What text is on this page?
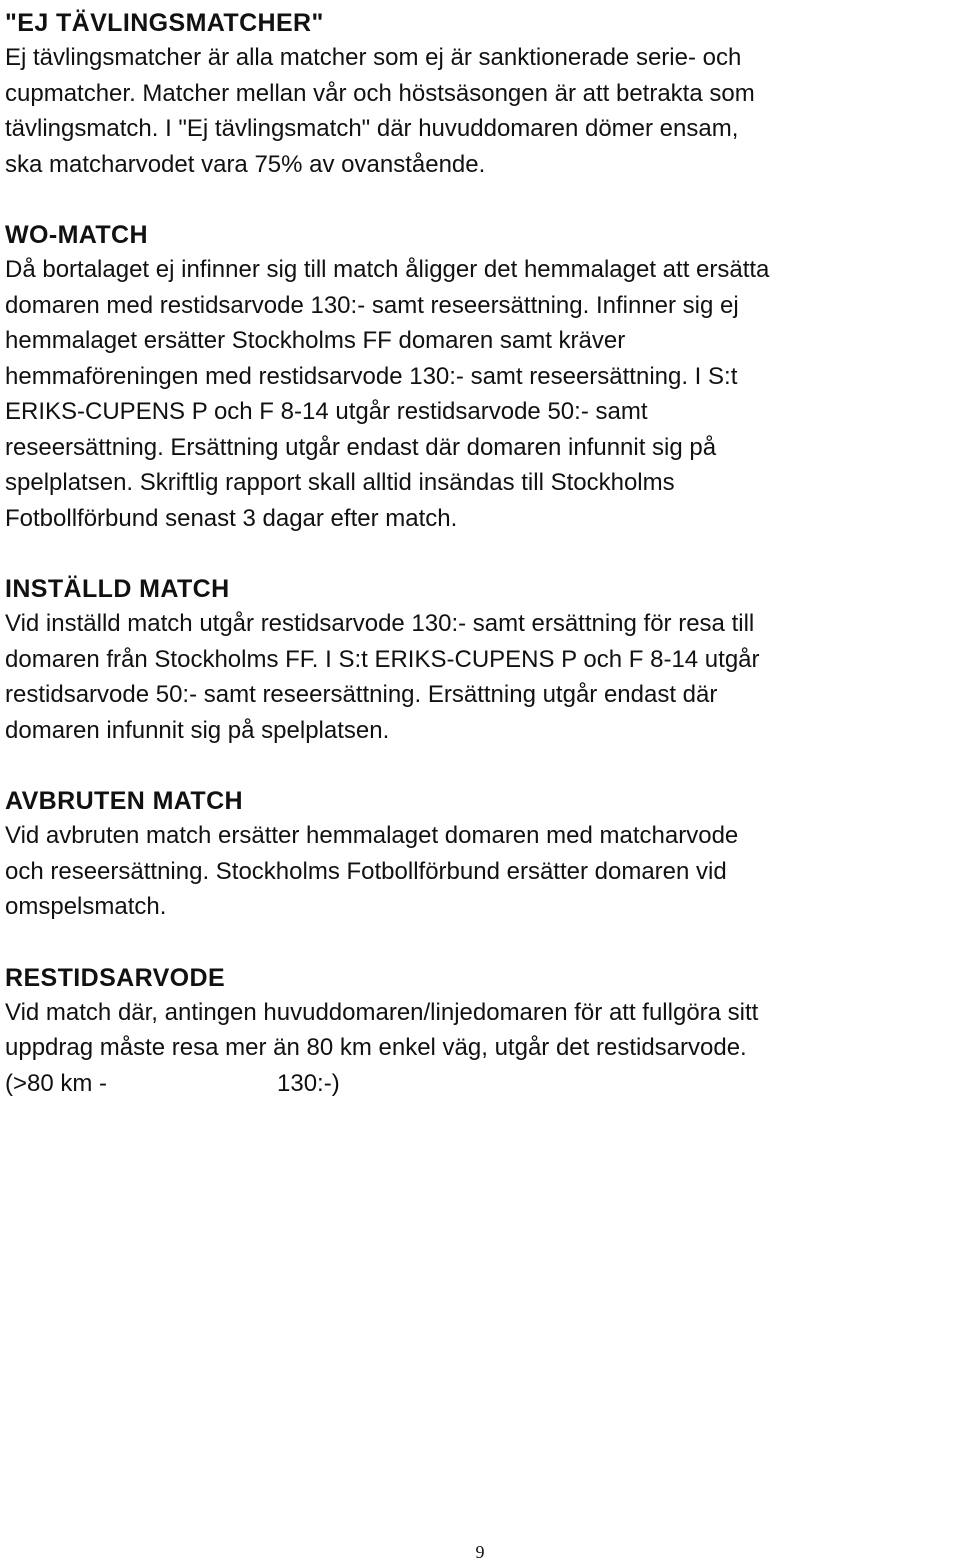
"EJ TÄVLINGSMATCHER"

Ej tävlingsmatcher är alla matcher som ej är sanktionerade serie- och
cupmatcher. Matcher mellan vår och höstsäsongen är att betrakta som
tävlingsmatch. I "Ej tävlingsmatch" där huvuddomaren dömer ensam,
ska matcharvodet vara 75% av ovanstående.

WO-MATCH

Då bortalaget ej infinner sig till match åligger det hemmalaget att ersätta
domaren med restidsarvode 130:- samt reseersättning. Infinner sig ej
hemmalaget ersätter Stockholms FF domaren samt kräver
hemmaföreningen med restidsarvode 130:- samt reseersättning. I S:t
ERIKS-CUPENS P och F 8-14 utgår restidsarvode 50:- samt
reseersättning. Ersättning utgår endast där domaren infunnit sig på
spelplatsen. Skriftlig rapport skall alltid insändas till Stockholms
Fotbollförbund senast 3 dagar efter match.

INSTÄLLD MATCH

Vid inställd match utgår restidsarvode 130:- samt ersättning för resa till
domaren från Stockholms FF. I S:t ERIKS-CUPENS P och F 8-14 utgår
restidsarvode 50:- samt reseersättning. Ersättning utgår endast där
domaren infunnit sig på spelplatsen.

AVBRUTEN MATCH

Vid avbruten match ersätter hemmalaget domaren med matcharvode
och reseersättning. Stockholms Fotbollförbund ersätter domaren vid
omspelsmatch.

RESTIDSARVODE

Vid match där, antingen huvuddomaren/linjedomaren för att fullgöra sitt
uppdrag måste resa mer än 80 km enkel väg, utgår det restidsarvode.

(>80 km -	130:-)
9
